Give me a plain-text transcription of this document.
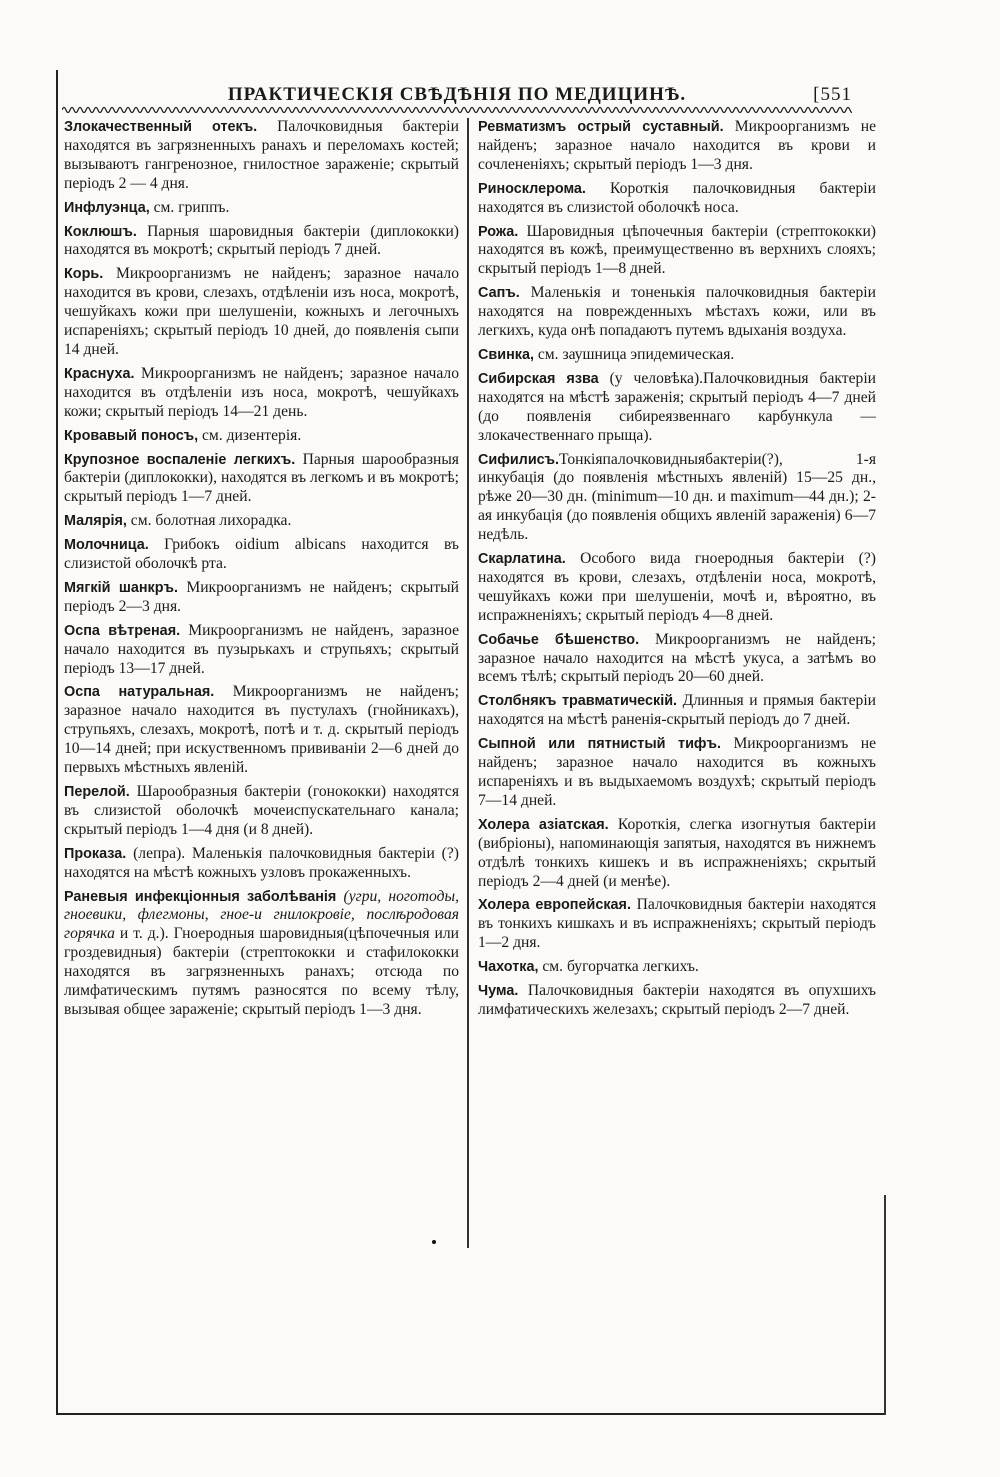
ПРАКТИЧЕСКІЯ СВѢДѢНІЯ ПО МЕДИЦИНѢ.	[551

Злокачественный отекъ. Палочковидныя бактеріи находятся въ загрязненныхъ ранахъ и переломахъ костей; вызываютъ гангренозное, гнилостное зараженіе; скрытый періодъ 2 — 4 дня.

Инфлуэнца, см. гриппъ.

Коклюшъ. Парныя шаровидныя бактеріи (диплококки) находятся въ мокротѣ; скрытый періодъ 7 дней.

Корь. Микроорганизмъ не найденъ; заразное начало находится въ крови, слезахъ, отдѣленіи изъ носа, мокротѣ, чешуйкахъ кожи при шелушеніи, кожныхъ и легочныхъ испареніяхъ; скрытый періодъ 10 дней, до появленія сыпи 14 дней.

Краснуха. Микроорганизмъ не найденъ; заразное начало находится въ отдѣленіи изъ носа, мокротѣ, чешуйкахъ кожи; скрытый періодъ 14—21 день.

Кровавый поносъ, см. дизентерія.

Крупозное воспаленіе легкихъ. Парныя шарообразныя бактеріи (диплококки), находятся въ легкомъ и въ мокротѣ; скрытый періодъ 1—7 дней.

Малярія, см. болотная лихорадка.

Молочница. Грибокъ oidium albicans находится въ слизистой оболочкѣ рта.

Мягкій шанкръ. Микроорганизмъ не найденъ; скрытый періодъ 2—3 дня.

Оспа вѣтреная. Микроорганизмъ не найденъ, заразное начало находится въ пузырькахъ и струпьяхъ; скрытый періодъ 13—17 дней.

Оспа натуральная. Микроорганизмъ не найденъ; заразное начало находится въ пустулахъ (гнойникахъ), струпьяхъ, слезахъ, мокротѣ, потѣ и т. д. скрытый періодъ 10—14 дней; при искуственномъ прививаніи 2—6 дней до первыхъ мѣстныхъ явленій.

Перелой. Шарообразныя бактеріи (гонококки) находятся въ слизистой оболочкѣ мочеиспускательнаго канала; скрытый періодъ 1—4 дня (и 8 дней).

Проказа. (лепра). Маленькія палочковидныя бактеріи (?) находятся на мѣстѣ кожныхъ узловъ прокаженныхъ.

Раневыя инфекціонныя заболѣванія (угри, ноготоды, гноевики, флегмоны, гное-и гнилокровіе, послѣродовая горячка и т. д.). Гноеродныя шаровидныя(цѣпочечныя или гроздевидныя) бактеріи (стрептококки и стафилококки находятся въ загрязненныхъ ранахъ; отсюда по лимфатическимъ путямъ разносятся по всему тѣлу, вызывая общее зараженіе; скрытый періодъ 1—3 дня.

Ревматизмъ острый суставный. Микроорганизмъ не найденъ; заразное начало находится въ крови и сочлененіяхъ; скрытый періодъ 1—3 дня.

Риносклерома. Короткія палочковидныя бактеріи находятся въ слизистой оболочкѣ носа.

Рожа. Шаровидныя цѣпочечныя бактеріи (стрептококки) находятся въ кожѣ, преимущественно въ верхнихъ слояхъ; скрытый періодъ 1—8 дней.

Сапъ. Маленькія и тоненькія палочковидныя бактеріи находятся на поврежденныхъ мѣстахъ кожи, или въ легкихъ, куда онѣ попадаютъ путемъ вдыханія воздуха.

Свинка, см. заушница эпидемическая.

Сибирская язва (у человѣка).Палочковидныя бактеріи находятся на мѣстѣ зараженія; скрытый періодъ 4—7 дней (до появленія сибиреязвеннаго карбункула — злокачественнаго прыща).

Сифилисъ.Тонкіяпалочковидныябактеріи(?), 1-я инкубація (до появленія мѣстныхъ явленій) 15—25 дн., рѣже 20—30 дн. (minimum—10 дн. и maximum—44 дн.); 2-ая инкубація (до появленія общихъ явленій зараженія) 6—7 недѣль.

Скарлатина. Особого вида гноеродныя бактеріи (?) находятся въ крови, слезахъ, отдѣленіи носа, мокротѣ, чешуйкахъ кожи при шелушеніи, мочѣ и, вѣроятно, въ испражненіяхъ; скрытый періодъ 4—8 дней.

Собачье бѣшенство. Микроорганизмъ не найденъ; заразное начало находится на мѣстѣ укуса, а затѣмъ во всемъ тѣлѣ; скрытый періодъ 20—60 дней.

Столбнякъ травматическій. Длинныя и прямыя бактеріи находятся на мѣстѣ раненія-скрытый періодъ до 7 дней.

Сыпной или пятнистый тифъ. Микроорганизмъ не найденъ; заразное начало находится въ кожныхъ испареніяхъ и въ выдыхаемомъ воздухѣ; скрытый періодъ 7—14 дней.

Холера азіатская. Короткія, слегка изогнутыя бактеріи (вибріоны), напоминающія запятыя, находятся въ нижнемъ отдѣлѣ тонкихъ кишекъ и въ испражненіяхъ; скрытый періодъ 2—4 дней (и менѣе).

Холера европейская. Палочковидныя бактеріи находятся въ тонкихъ кишкахъ и въ испражненіяхъ; скрытый періодъ 1—2 дня.

Чахотка, см. бугорчатка легкихъ.

Чума. Палочковидныя бактеріи находятся въ опухшихъ лимфатическихъ железахъ; скрытый періодъ 2—7 дней.
